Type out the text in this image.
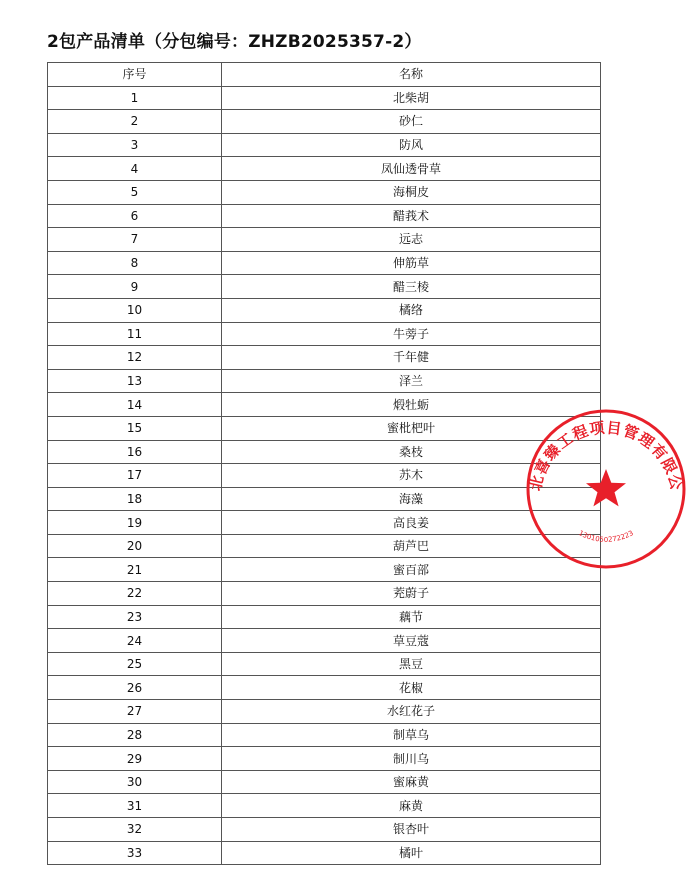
2包产品清单（分包编号：ZHZB2025357-2）
序号	名称
1	北柴胡
2	砂仁
3	防风
4	凤仙透骨草
5	海桐皮
6	醋莪术
7	远志
8	伸筋草
9	醋三棱
10	橘络
11	牛蒡子
12	千年健
13	泽兰
14	煅牡蛎
15	蜜枇杷叶
16	桑枝
17	苏木
18	海藻
19	高良姜
20	葫芦巴
21	蜜百部
22	茺蔚子
23	藕节
24	草豆蔻
25	黑豆
26	花椒
27	水红花子
28	制草乌
29	制川乌
30	蜜麻黄
31	麻黄
32	银杏叶
33	橘叶
北喜臻工程项目管理有限公
1301050272223
